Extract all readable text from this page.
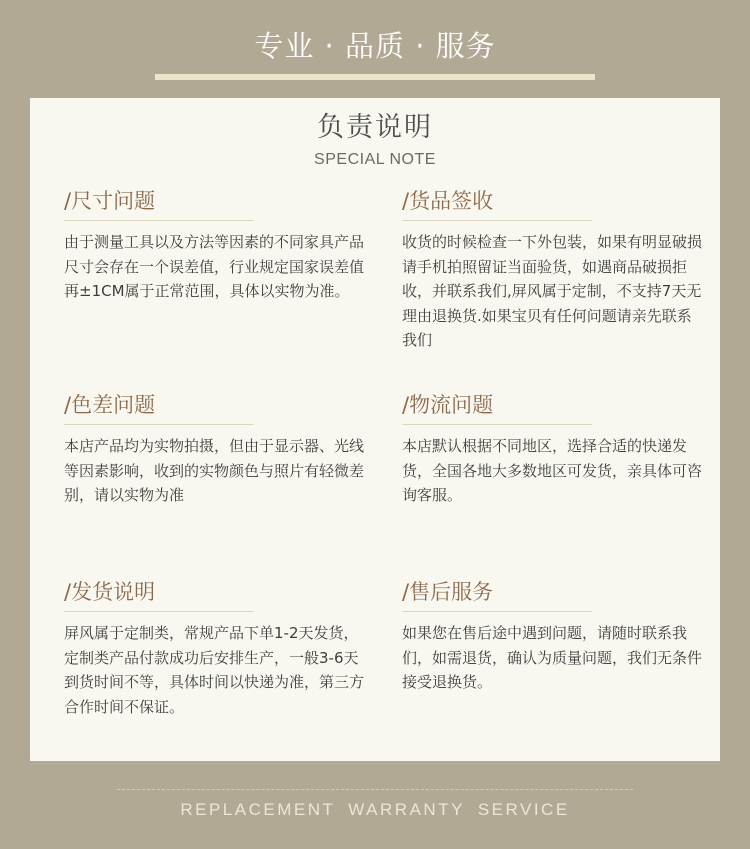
专业 · 品质 · 服务
负责说明
SPECIAL NOTE
/尺寸问题
由于测量工具以及方法等因素的不同家具产品尺寸会存在一个误差值，行业规定国家误差值再±1CM属于正常范围，具体以实物为准。
/货品签收
收货的时候检查一下外包装，如果有明显破损请手机拍照留证当面验货，如遇商品破损拒收，并联系我们,屏风属于定制，不支持7天无理由退换货.如果宝贝有任何问题请亲先联系我们
/色差问题
本店产品均为实物拍摄，但由于显示器、光线等因素影响，收到的实物颜色与照片有轻微差别，请以实物为准
/物流问题
本店默认根据不同地区，选择合适的快递发货，全国各地大多数地区可发货，亲具体可咨询客服。
/发货说明
屏风属于定制类，常规产品下单1-2天发货，定制类产品付款成功后安排生产，一般3-6天到货时间不等，具体时间以快递为准，第三方合作时间不保证。
/售后服务
如果您在售后途中遇到问题，请随时联系我们，如需退货，确认为质量问题，我们无条件接受退换货。
REPLACEMENT WARRANTY SERVICE
